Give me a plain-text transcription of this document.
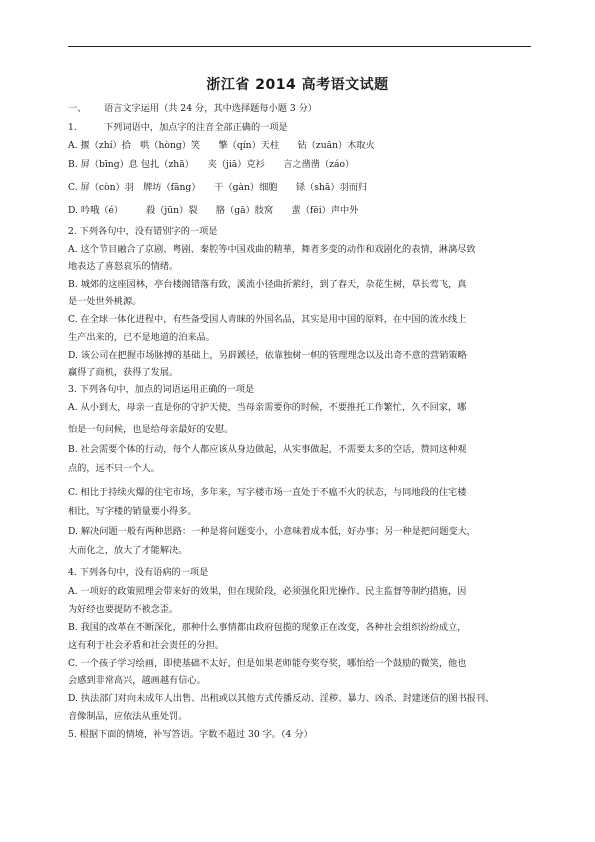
浙江省 2014 高考语文试题
一、 语言文字运用（共 24 分，其中选择题每小题 3 分）
1.	下列词语中，加点字的注音全部正确的一项是
A. 揠（zhí）拾　哄（hòng）笑　　擎（qín）天柱　　钻（zuān）木取火
B. 屏（bīng）息 包扎（zhā）　　夹（jiā）克衫　　言之凿凿（záo）
C. 屏（còn）羽　牌坊（fāng）　　干（gàn）细胞　　铩（shā）羽而归
D. 吟哦（é）　　　殺（jūn）裂　　胳（gā）肢窝　　蜚（fēi）声中外
2. 下列各句中，没有错别字的一项是
A. 这个节目融合了京剧、粤剧、秦腔等中国戏曲的精華，舞者多变的动作和戏剧化的表情，淋漓尽致
地表达了喜怒哀乐的情绪。
B. 城郊的这座园林，亭台楼阁错落有致，溪流小径曲折萦纡，到了春天，杂花生树，草长莺飞，真
是一处世外桃源。
C. 在全球一体化进程中，有些备受国人青睐的外国名品，其实是用中国的原料，在中国的流水线上
生产出来的，已不是地道的泊来品。
D. 该公司在把握市场脉搏的基础上，另辟蹊径，依靠独树一帜的管理理念以及出奇不意的营销策略
赢得了商机，获得了发展。
3. 下列各句中，加点的词语运用正确的一项是
A. 从小到大，母亲一直是你的守护天使，当母亲需要你的时候，不要推托工作繁忙，久不回家，哪
怕是一句问候，也是给母亲最好的安慰。
B. 社会需要个体的行动，每个人都应该从身边做起，从实事做起，不需要太多的空话，赞同这种观
点的，远不只一个人。
C. 相比于持续火爆的住宅市场，多年来，写字楼市场一直处于不瘟不火的状态，与同地段的住宅楼
相比，写字楼的销量要小得多。
D. 解决问题一般有两种思路：一种是将问题变小，小意味着成本低，好办事；另一种是把问题变大，
大而化之，放大了才能解决。
4. 下列各句中，没有语病的一项是
A. 一项好的政策照理会带来好的效果，但在现阶段，必须强化阳光操作、民主监督等制约措施，因
为好经也要提防不被念歪。
B. 我国的改革在不断深化，那种什么事情都由政府包揽的现象正在改变，各种社会组织纷纷成立，
这有利于社会矛盾和社会责任的分担。
C. 一个孩子学习绘画，即使基础不太好，但是如果老师能夸奖夸奖，哪怕给一个鼓励的微笑，他也
会感到非常高兴，越画越有信心。
D. 执法部门对向未成年人出售、出租或以其他方式传播反动、淫秽、暴力、凶杀、封建迷信的图书报刊、
音像制品，应依法从重处罚。
5. 根据下面的情境，补写答语。字数不超过 30 字。（4 分）
